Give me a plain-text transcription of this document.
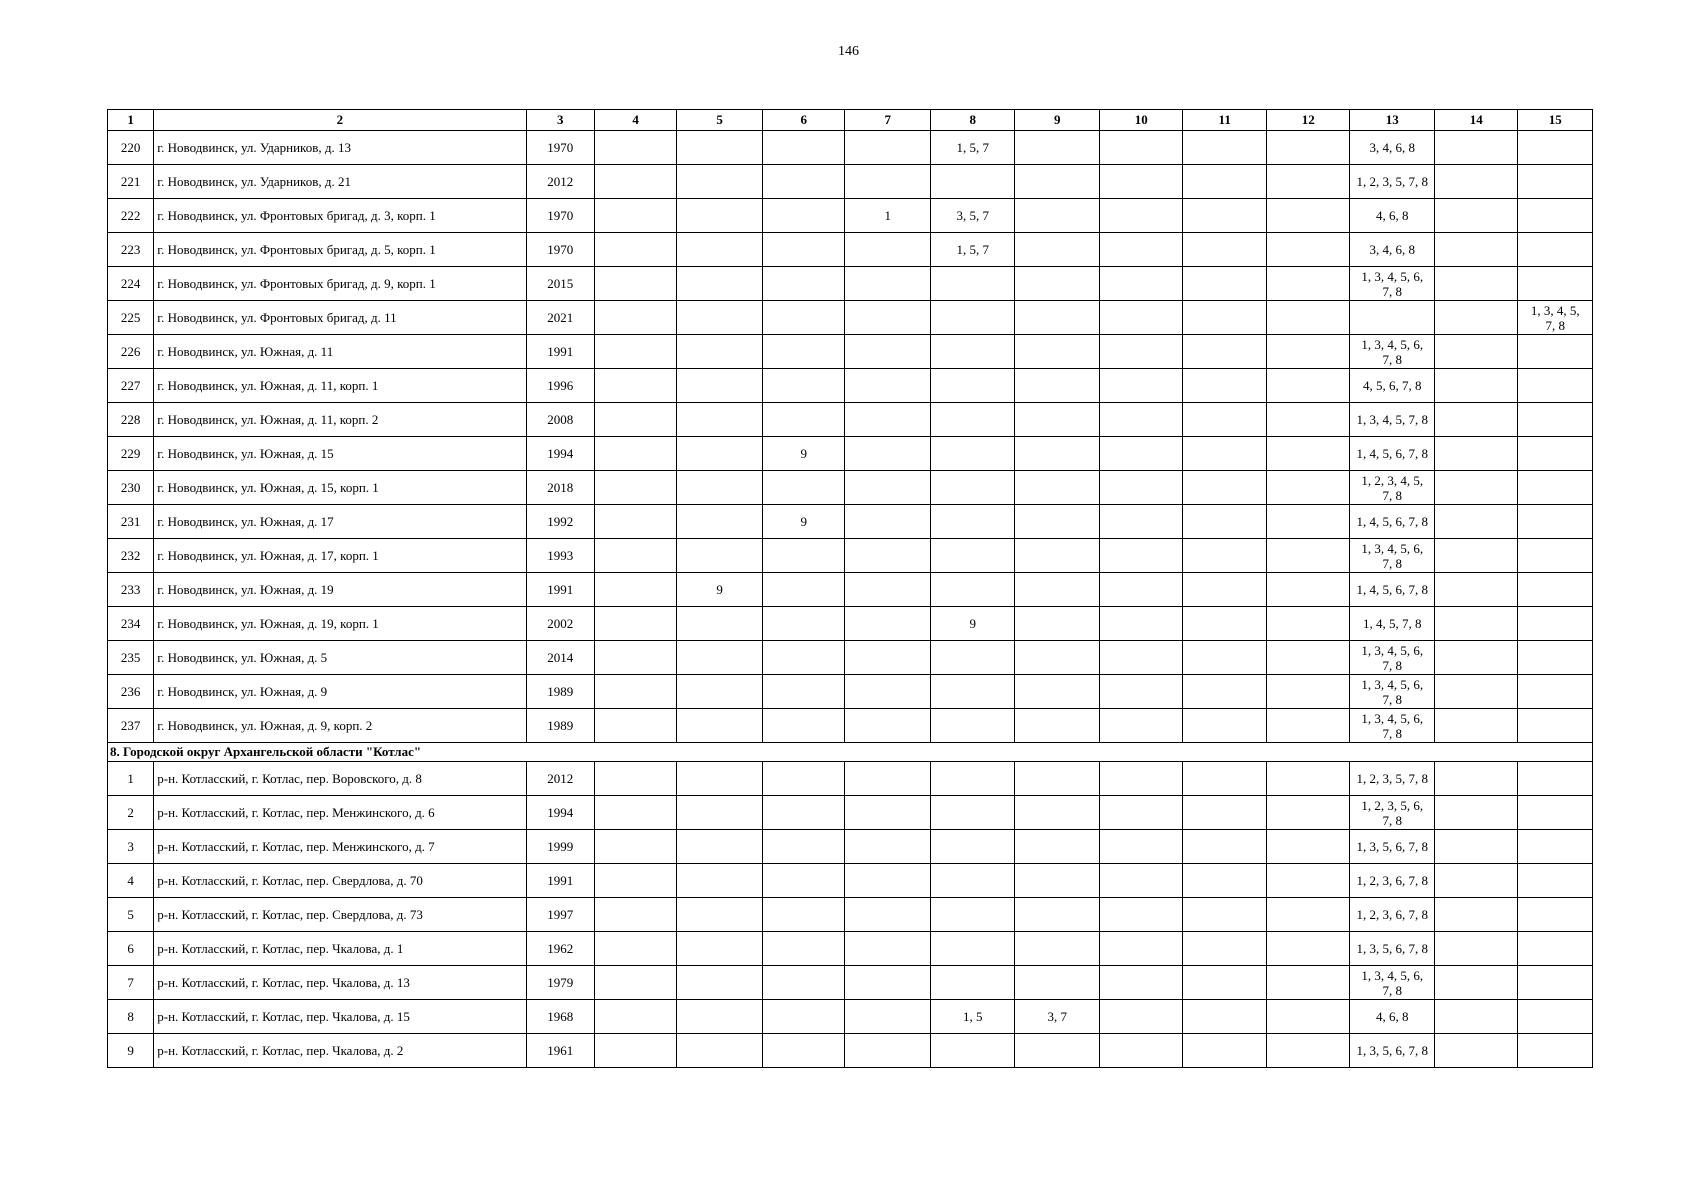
146
1	2	3	4	5	6	7	8	9	10	11	12	13	14	15
220	г. Новодвинск, ул. Ударников, д. 13	1970					1, 5, 7					3, 4, 6, 8		
221	г. Новодвинск, ул. Ударников, д. 21	2012										1, 2, 3, 5, 7, 8		
222	г. Новодвинск, ул. Фронтовых бригад, д. 3, корп. 1	1970				1	3, 5, 7					4, 6, 8		
223	г. Новодвинск, ул. Фронтовых бригад, д. 5, корп. 1	1970					1, 5, 7					3, 4, 6, 8		
224	г. Новодвинск, ул. Фронтовых бригад, д. 9, корп. 1	2015										1, 3, 4, 5, 6, 7, 8		
225	г. Новодвинск, ул. Фронтовых бригад, д. 11	2021												1, 3, 4, 5, 7, 8
226	г. Новодвинск, ул. Южная, д. 11	1991										1, 3, 4, 5, 6, 7, 8		
227	г. Новодвинск, ул. Южная, д. 11, корп. 1	1996										4, 5, 6, 7, 8		
228	г. Новодвинск, ул. Южная, д. 11, корп. 2	2008										1, 3, 4, 5, 7, 8		
229	г. Новодвинск, ул. Южная, д. 15	1994			9							1, 4, 5, 6, 7, 8		
230	г. Новодвинск, ул. Южная, д. 15, корп. 1	2018										1, 2, 3, 4, 5, 7, 8		
231	г. Новодвинск, ул. Южная, д. 17	1992			9							1, 4, 5, 6, 7, 8		
232	г. Новодвинск, ул. Южная, д. 17, корп. 1	1993										1, 3, 4, 5, 6, 7, 8		
233	г. Новодвинск, ул. Южная, д. 19	1991		9								1, 4, 5, 6, 7, 8		
234	г. Новодвинск, ул. Южная, д. 19, корп. 1	2002					9					1, 4, 5, 7, 8		
235	г. Новодвинск, ул. Южная, д. 5	2014										1, 3, 4, 5, 6, 7, 8		
236	г. Новодвинск, ул. Южная, д. 9	1989										1, 3, 4, 5, 6, 7, 8		
237	г. Новодвинск, ул. Южная, д. 9, корп. 2	1989										1, 3, 4, 5, 6, 7, 8		
8. Городской округ Архангельской области "Котлас"														
1	р-н. Котласский, г. Котлас, пер. Воровского, д. 8	2012										1, 2, 3, 5, 7, 8		
2	р-н. Котласский, г. Котлас, пер. Менжинского, д. 6	1994										1, 2, 3, 5, 6, 7, 8		
3	р-н. Котласский, г. Котлас, пер. Менжинского, д. 7	1999										1, 3, 5, 6, 7, 8		
4	р-н. Котласский, г. Котлас, пер. Свердлова, д. 70	1991										1, 2, 3, 6, 7, 8		
5	р-н. Котласский, г. Котлас, пер. Свердлова, д. 73	1997										1, 2, 3, 6, 7, 8		
6	р-н. Котласский, г. Котлас, пер. Чкалова, д. 1	1962										1, 3, 5, 6, 7, 8		
7	р-н. Котласский, г. Котлас, пер. Чкалова, д. 13	1979										1, 3, 4, 5, 6, 7, 8		
8	р-н. Котласский, г. Котлас, пер. Чкалова, д. 15	1968					1, 5	3, 7				4, 6, 8		
9	р-н. Котласский, г. Котлас, пер. Чкалова, д. 2	1961										1, 3, 5, 6, 7, 8		
